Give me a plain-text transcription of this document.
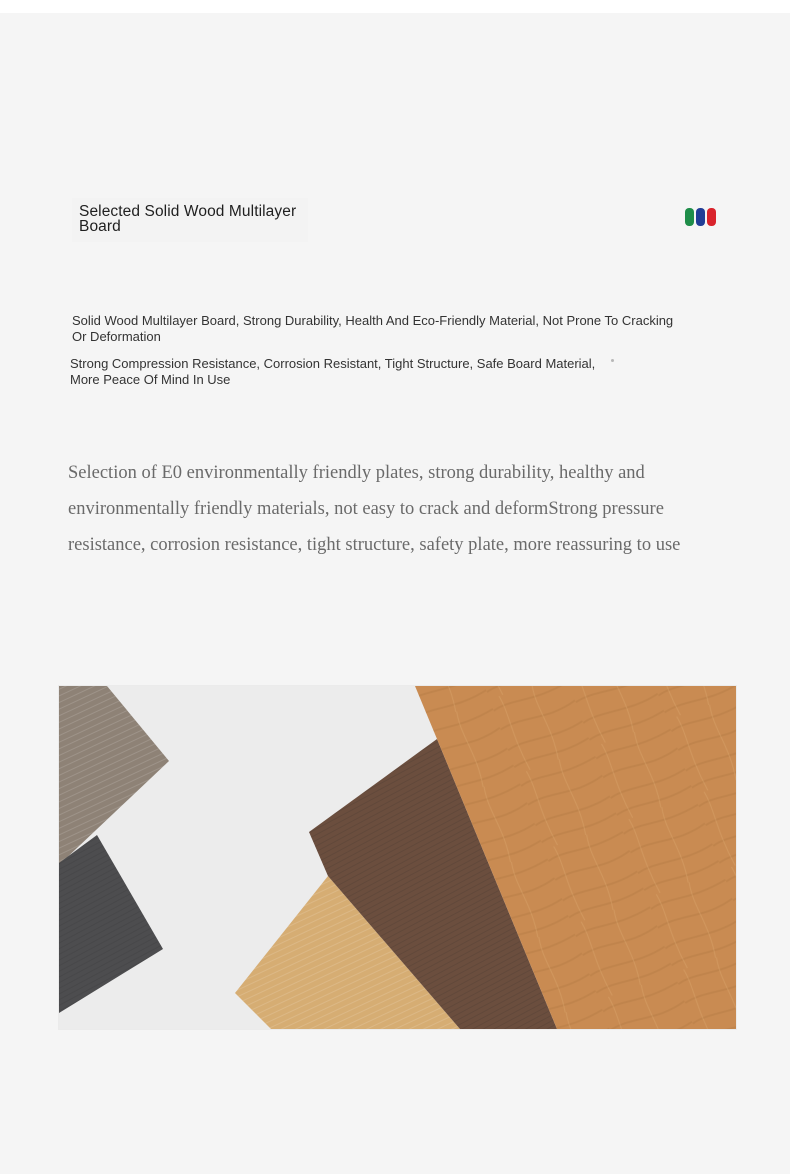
Selected Solid Wood Multilayer Board
Solid Wood Multilayer Board, Strong Durability, Health And Eco-Friendly Material, Not Prone To Cracking Or Deformation
Strong Compression Resistance, Corrosion Resistant, Tight Structure, Safe Board Material, More Peace Of Mind In Use
Selection of E0 environmentally friendly plates, strong durability, healthy and
environmentally friendly materials, not easy to crack and deformStrong pressure
resistance, corrosion resistance, tight structure, safety plate, more reassuring to use
